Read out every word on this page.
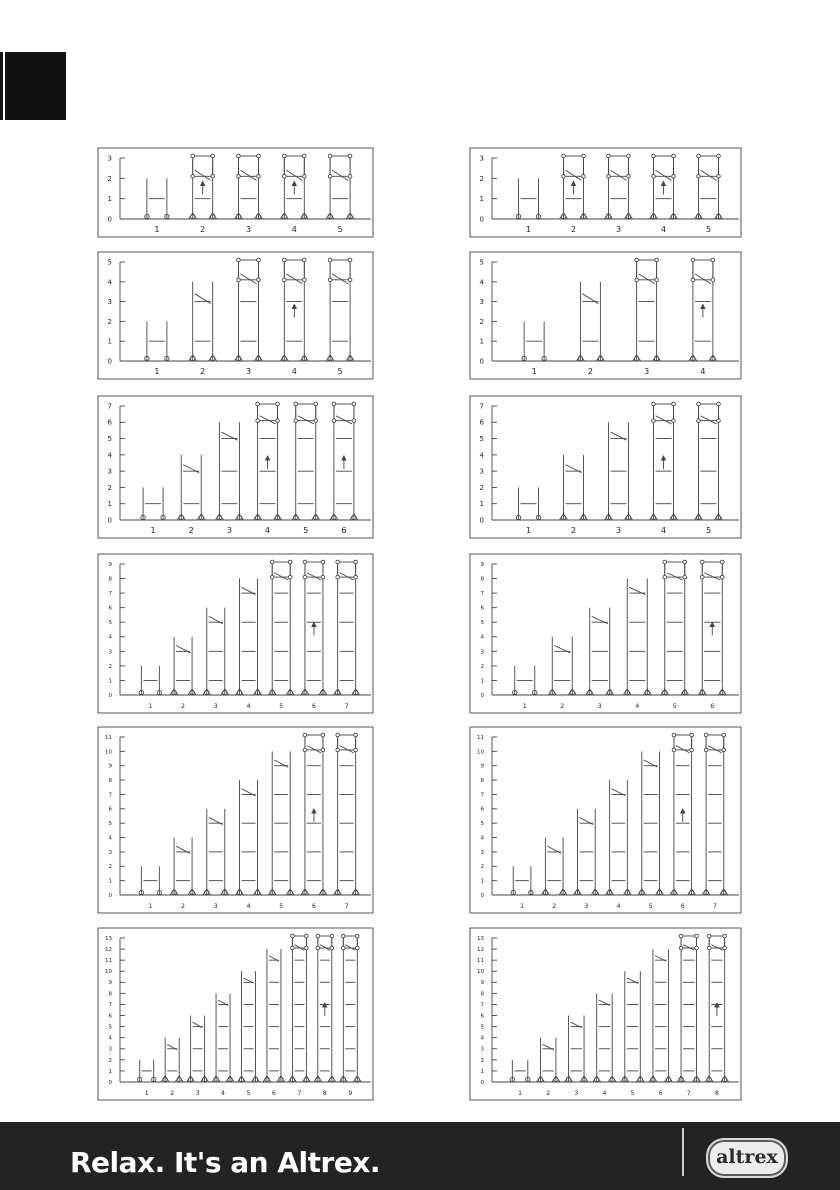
0
1
2
3
1	2	3	4	5
0
1
2
3
1	2	3	4	5
0
1
2
3
4
5
1	2	3	4	5
0
1
2
3
4
5
1	2	3	4
0
1
2
3
4
5
6
7
1	2	3	4	5	6
0
1
2
3
4
5
6
7
1	2	3	4	5
0
1
2
3
4
5
6
7
8
9
1	2	3	4	5	6	7
0
1
2
3
4
5
6
7
8
9
1	2	3	4	5	6
0
1
2
3
4
5
6
7
8
9
10
11
1	2	3	4	5	6	7
0
1
2
3
4
5
6
7
8
9
10
11
1	2	3	4	5	6	7
0
1
2
3
4
5
6
7
8
9
10
11
12
13
1	2	3	4	5	6	7	8	9
0
1
2
3
4
5
6
7
8
9
10
11
12
13
1	2	3	4	5	6	7	8
Relax. It's an Altrex.	altrex
